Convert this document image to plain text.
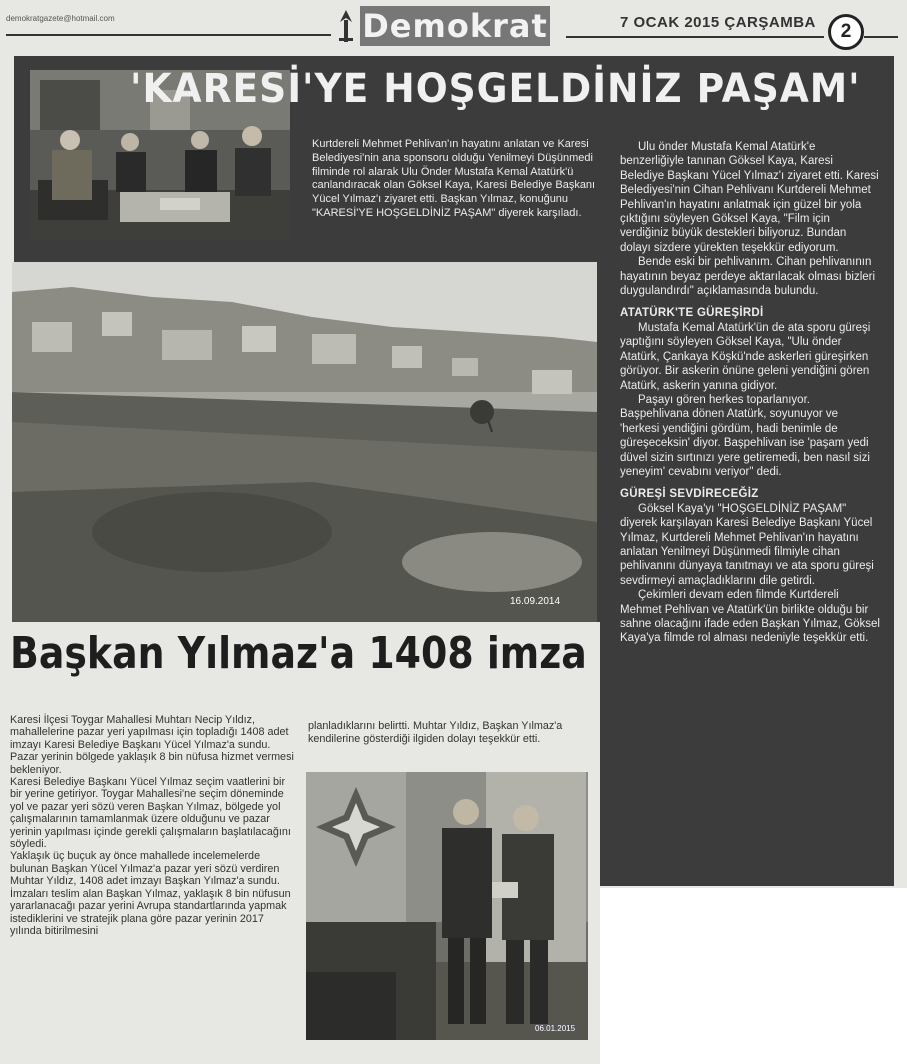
demokratgazete@hotmail.com	Demokrat	7 OCAK 2015 ÇARŞAMBA	2
'KARESİ'YE HOŞGELDİNİZ PAŞAM'
Kurtdereli Mehmet Pehlivan'ın hayatını anlatan ve Karesi Belediyesi'nin ana sponsoru olduğu Yenilmeyi Düşünmedi filminde rol alarak Ulu Önder Mustafa Kemal Atatürk'ü canlandıracak olan Göksel Kaya, Karesi Belediye Başkanı Yücel Yılmaz'ı ziyaret etti. Başkan Yılmaz, konuğunu "KARESİ'YE HOŞGELDİNİZ PAŞAM" diyerek karşıladı.

Ulu önder Mustafa Kemal Atatürk'e benzerliğiyle tanınan Göksel Kaya, Karesi Belediye Başkanı Yücel Yılmaz'ı ziyaret etti. Karesi Belediyesi'nin Cihan Pehlivanı Kurtdereli Mehmet Pehlivan'ın hayatını anlatmak için güzel bir yola çıktığını söyleyen Göksel Kaya, "Film için verdiğiniz büyük destekleri biliyoruz. Bundan dolayı sizdere yürekten teşekkür ediyorum.

Bende eski bir pehlivanım. Cihan pehlivanının hayatının beyaz perdeye aktarılacak olması bizleri duygulandırdı" açıklamasında bulundu.

ATATÜRK'TE GÜREŞİRDİ

Mustafa Kemal Atatürk'ün de ata sporu güreşi yaptığını söyleyen Göksel Kaya, "Ulu önder Atatürk, Çankaya Köşkü'nde askerleri güreşirken görüyor. Bir askerin önüne geleni yendiğini gören Atatürk, askerin yanına gidiyor.

Paşayı gören herkes toparlanıyor. Başpehlivana dönen Atatürk, soyunuyor ve 'herkesi yendiğini gördüm, hadi benimle de güreşeceksin' diyor. Başpehlivan ise 'paşam yedi düvel sizin sırtınızı yere getiremedi, ben nasıl sizi yeneyim' cevabını veriyor" dedi.

GÜREŞİ SEVDİRECEĞİZ

Göksel Kaya'yı "HOŞGELDİNİZ PAŞAM" diyerek karşılayan Karesi Belediye Başkanı Yücel Yılmaz, Kurtdereli Mehmet Pehlivan'ın hayatını anlatan Yenilmeyi Düşünmedi filmiyle cihan pehlivanını dünyaya tanıtmayı ve ata sporu güreşi sevdirmeyi amaçladıklarını dile getirdi.

Çekimleri devam eden filmde Kurtdereli Mehmet Pehlivan ve Atatürk'ün birlikte olduğu bir sahne olacağını ifade eden Başkan Yılmaz, Göksel Kaya'ya filmde rol alması nedeniyle teşekkür etti.

16.09.2014
Başkan Yılmaz'a 1408 imza

Karesi İlçesi Toygar Mahallesi Muhtarı Necip Yıldız, mahallelerine pazar yeri yapılması için topladığı 1408 adet imzayı Karesi Belediye Başkanı Yücel Yılmaz'a sundu. Pazar yerinin bölgede yaklaşık 8 bin nüfusa hizmet vermesi bekleniyor.

Karesi Belediye Başkanı Yücel Yılmaz seçim vaatlerini bir bir yerine getiriyor. Toygar Mahallesi'ne seçim döneminde yol ve pazar yeri sözü veren Başkan Yılmaz, bölgede yol çalışmalarının tamamlanmak üzere olduğunu ve pazar yerinin yapılması içinde gerekli çalışmaların başlatılacağını söyledi.

Yaklaşık üç buçuk ay önce mahallede incelemelerde bulunan Başkan Yücel Yılmaz'a pazar yeri sözü verdiren Muhtar Yıldız, 1408 adet imzayı Başkan Yılmaz'a sundu.

İmzaları teslim alan Başkan Yılmaz, yaklaşık 8 bin nüfusun yararlanacağı pazar yerini Avrupa standartlarında yapmak istediklerini ve stratejik plana göre pazar yerinin 2017 yılında bitirilmesini

planladıklarını belirtti. Muhtar Yıldız, Başkan Yılmaz'a kendilerine gösterdiği ilgiden dolayı teşekkür etti.
06.01.2015
